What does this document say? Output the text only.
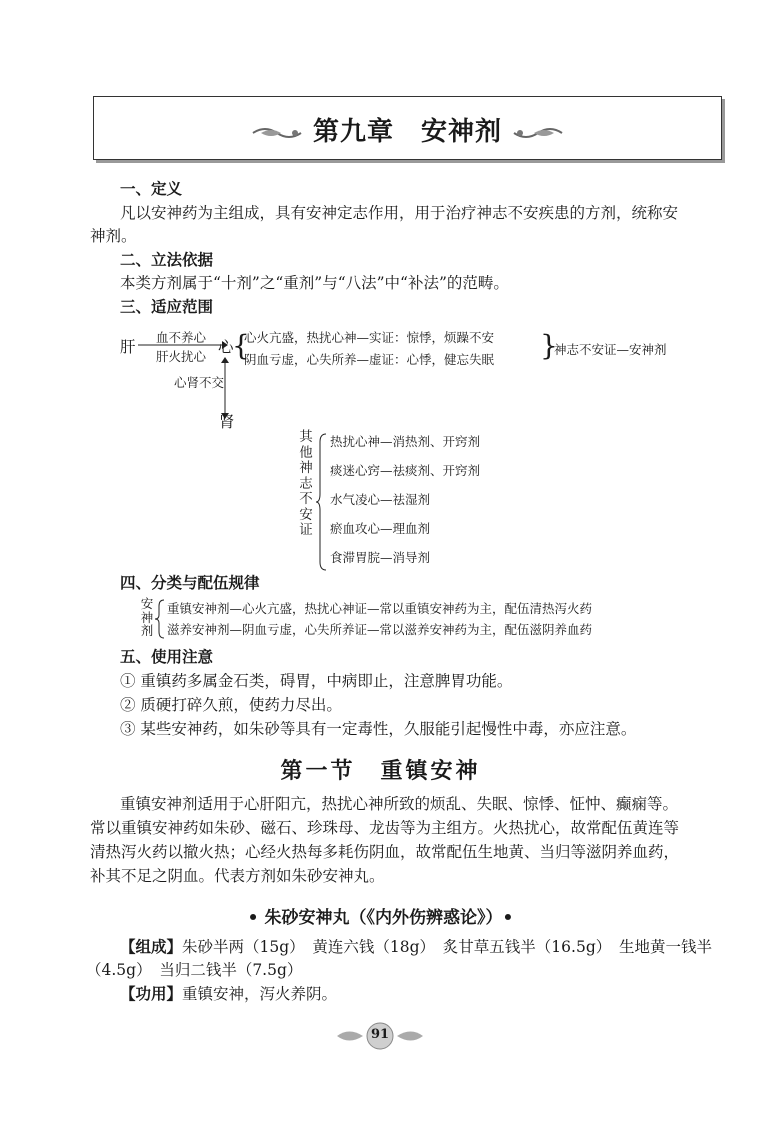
第九章　安神剂
一、定义
凡以安神药为主组成，具有安神定志作用，用于治疗神志不安疾患的方剂，统称安
神剂。
二、立法依据
本类方剂属于“十剂”之“重剂”与“八法”中“补法”的范畴。
三、适应范围
肝
血不养心
肝火扰心
心
{
心火亢盛，热扰心神—实证：惊悸，烦躁不安
阴血亏虚，心失所养—虚证：心悸，健忘失眠 }
神志不安证—安神剂
心肾不交
肾
其他神志不安证
热扰心神—消热剂、开窍剂
痰迷心窍—祛痰剂、开窍剂
水气凌心—祛湿剂
瘀血攻心—理血剂
食滞胃脘—消导剂
四、分类与配伍规律
安神剂
重镇安神剂—心火亢盛，热扰心神证—常以重镇安神药为主，配伍清热泻火药
滋养安神剂—阴血亏虚，心失所养证—常以滋养安神药为主，配伍滋阴养血药
五、使用注意
① 重镇药多属金石类，碍胃，中病即止，注意脾胃功能。
② 质硬打碎久煎，使药力尽出。
③ 某些安神药，如朱砂等具有一定毒性，久服能引起慢性中毒，亦应注意。
第一节　重镇安神
重镇安神剂适用于心肝阳亢，热扰心神所致的烦乱、失眠、惊悸、怔忡、癫痫等。
常以重镇安神药如朱砂、磁石、珍珠母、龙齿等为主组方。火热扰心，故常配伍黄连等
清热泻火药以撤火热；心经火热每多耗伤阴血，故常配伍生地黄、当归等滋阴养血药，
补其不足之阴血。代表方剂如朱砂安神丸。
• 朱砂安神丸（《内外伤辨惑论》）•
【组成】朱砂半两（15g）　黄连六钱（18g）　炙甘草五钱半（16.5g）　生地黄一钱半
（4.5g）　当归二钱半（7.5g）
【功用】重镇安神，泻火养阴。
91
